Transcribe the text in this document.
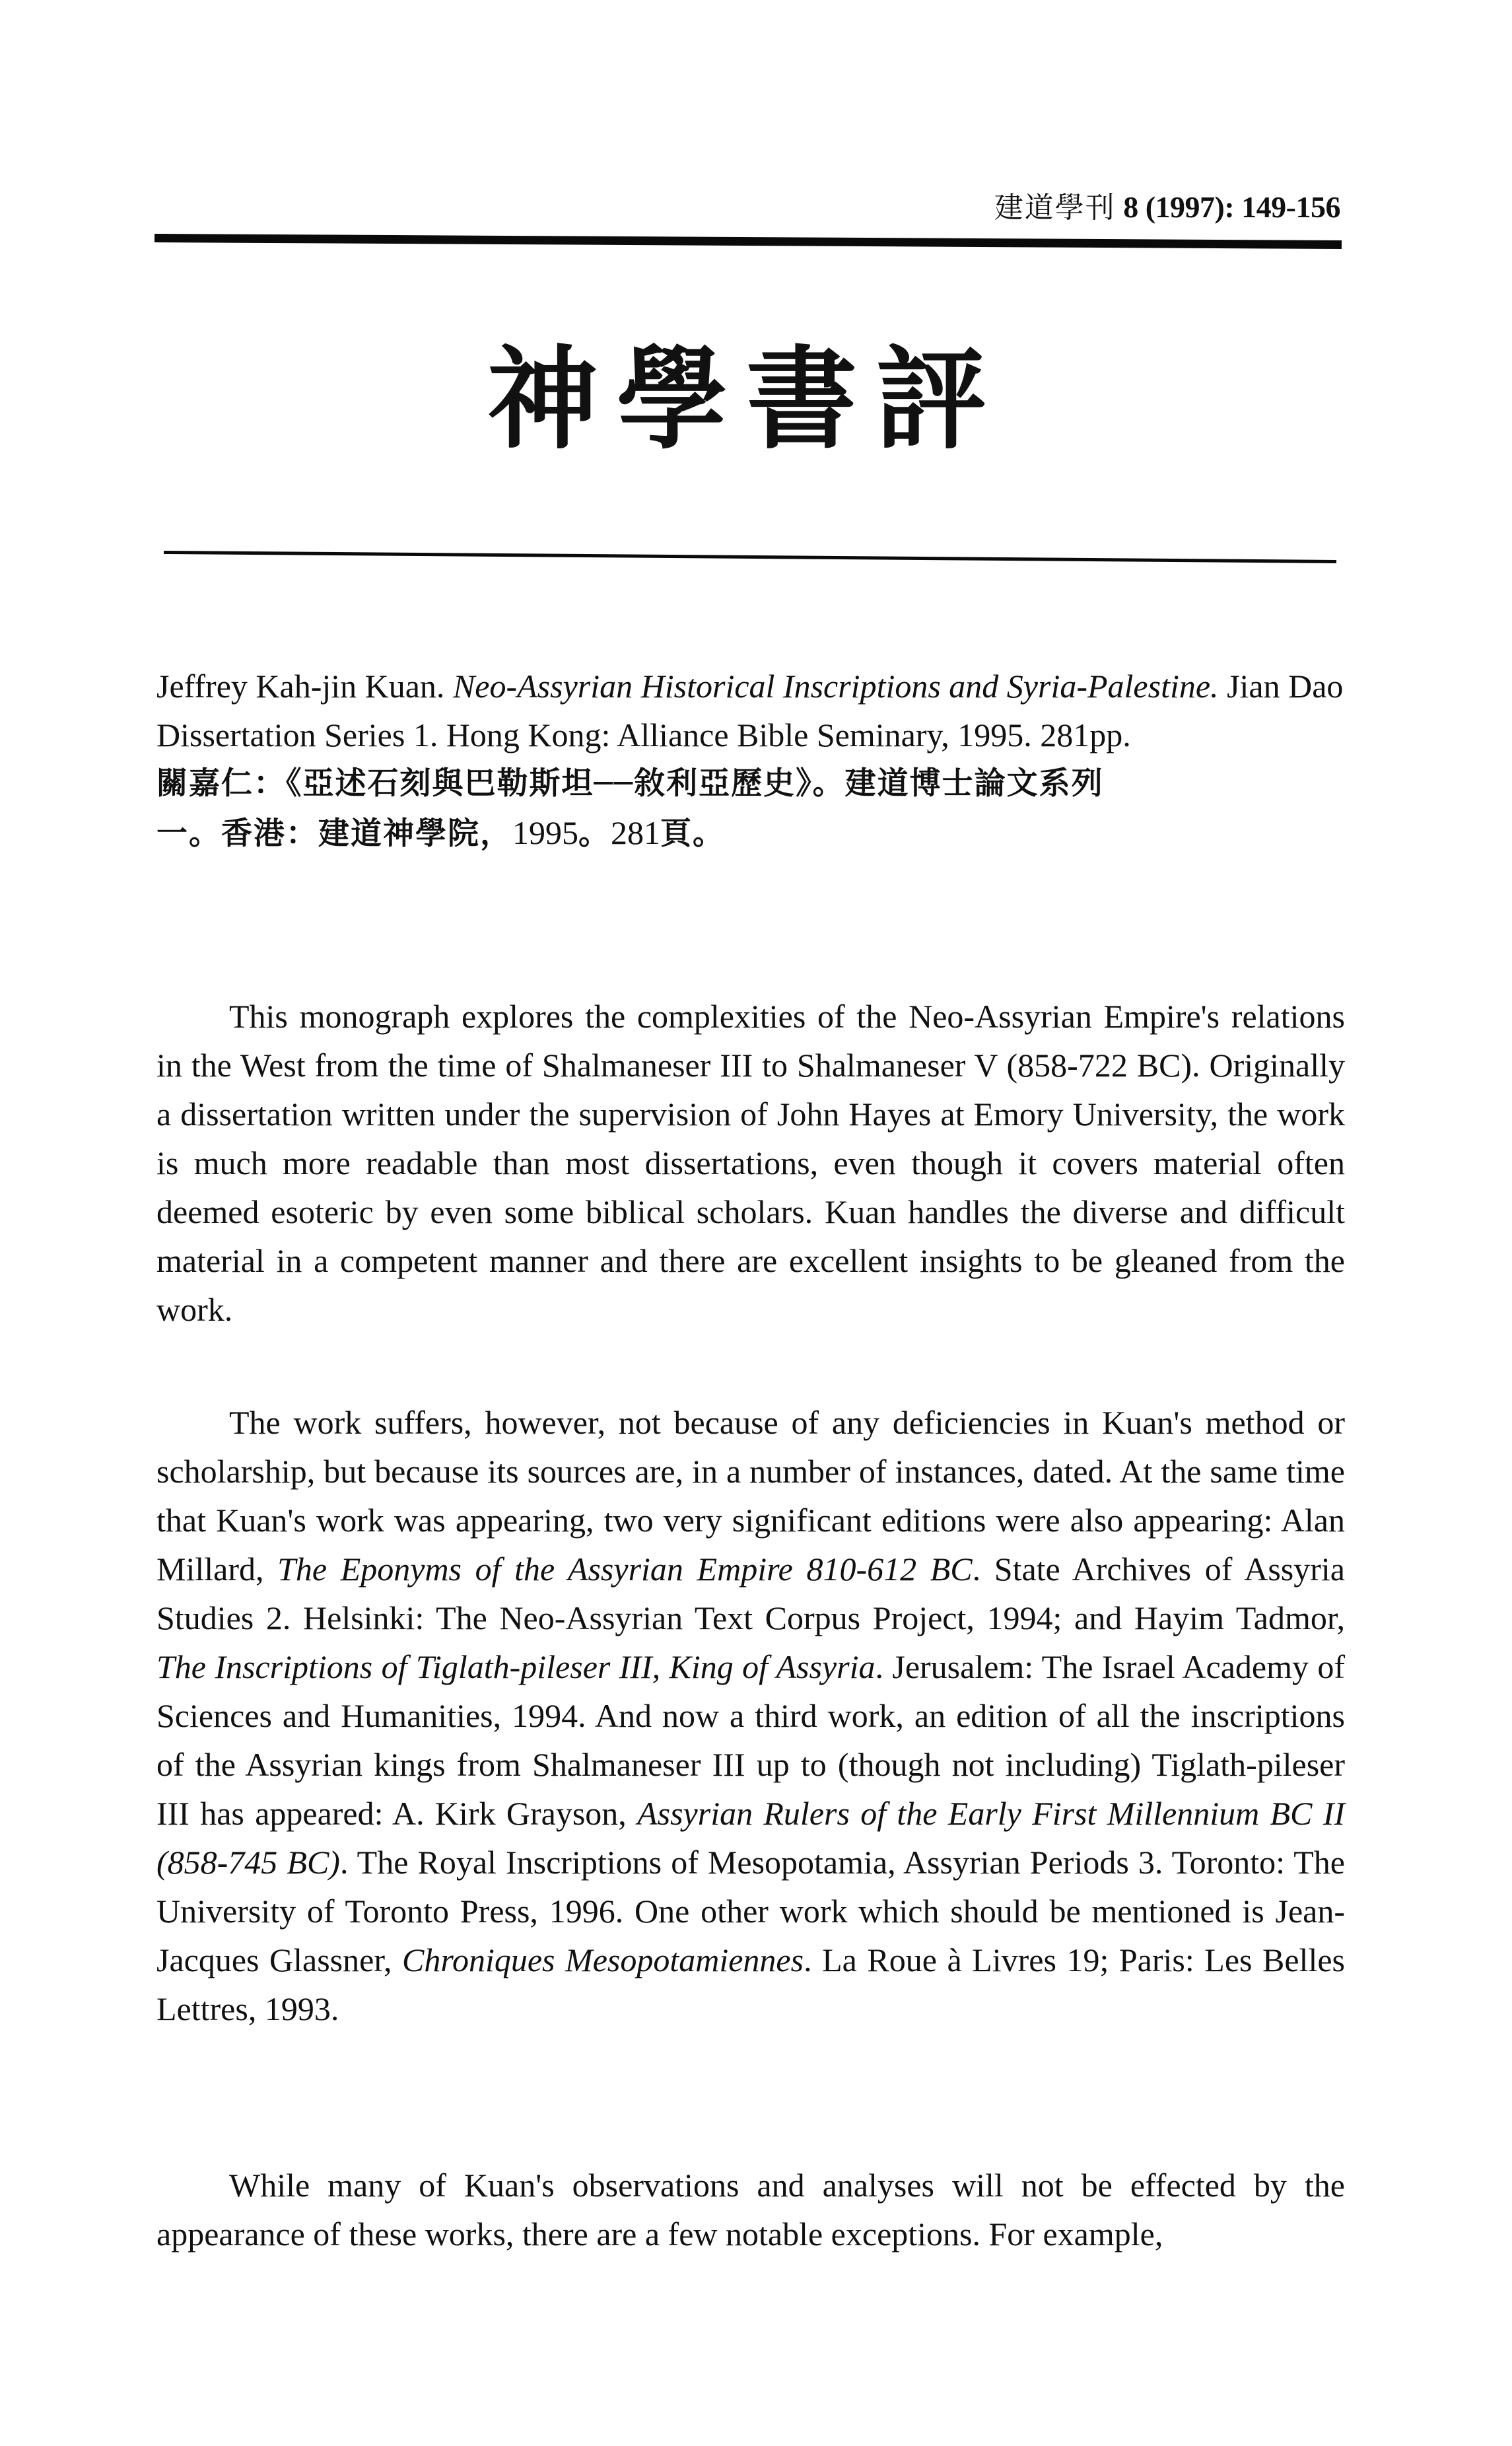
建道學刊 8 (1997): 149-156
神學書評

Jeffrey Kah-jin Kuan. Neo-Assyrian Historical Inscriptions and Syria-Palestine. Jian Dao Dissertation Series 1. Hong Kong: Alliance Bible Seminary, 1995. 281pp.

關嘉仁：《亞述石刻與巴勒斯坦──敘利亞歷史》。建道博士論文系列
一。香港：建道神學院，1995。281頁。

This monograph explores the complexities of the Neo-Assyrian Empire's relations in the West from the time of Shalmaneser III to Shalmaneser V (858-722 BC). Originally a dissertation written under the supervision of John Hayes at Emory University, the work is much more readable than most dissertations, even though it covers material often deemed esoteric by even some biblical scholars. Kuan handles the diverse and difficult material in a competent manner and there are excellent insights to be gleaned from the work.

The work suffers, however, not because of any deficiencies in Kuan's method or scholarship, but because its sources are, in a number of instances, dated. At the same time that Kuan's work was appearing, two very significant editions were also appearing: Alan Millard, The Eponyms of the Assyrian Empire 810-612 BC. State Archives of Assyria Studies 2. Helsinki: The Neo-Assyrian Text Corpus Project, 1994; and Hayim Tadmor, The Inscriptions of Tiglath-pileser III, King of Assyria. Jerusalem: The Israel Academy of Sciences and Humanities, 1994. And now a third work, an edition of all the inscriptions of the Assyrian kings from Shalmaneser III up to (though not including) Tiglath-pileser III has appeared: A. Kirk Grayson, Assyrian Rulers of the Early First Millennium BC II (858-745 BC). The Royal Inscriptions of Mesopotamia, Assyrian Periods 3. Toronto: The University of Toronto Press, 1996. One other work which should be mentioned is Jean-Jacques Glassner, Chroniques Mesopotamiennes. La Roue à Livres 19; Paris: Les Belles Lettres, 1993.

While many of Kuan's observations and analyses will not be effected by the appearance of these works, there are a few notable exceptions. For example,
